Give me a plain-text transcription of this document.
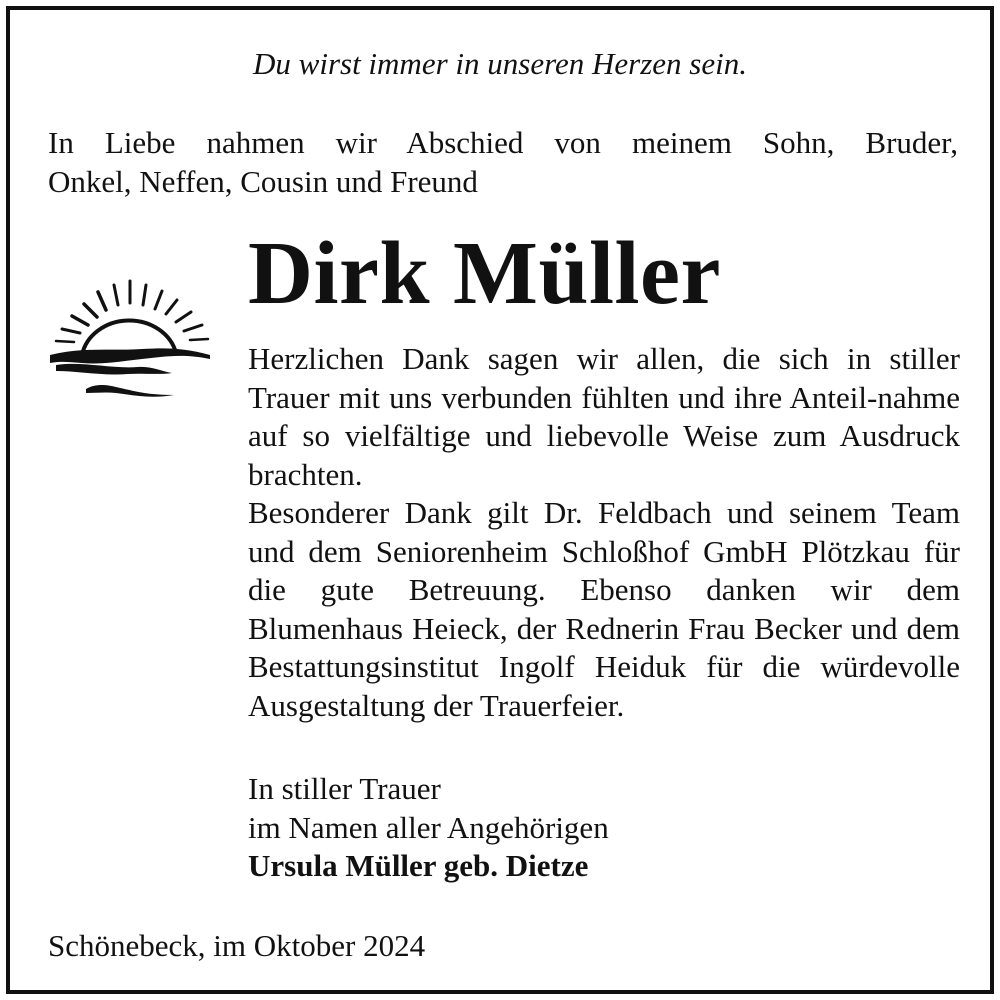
Du wirst immer in unseren Herzen sein.

In Liebe nahmen wir Abschied von meinem Sohn, Bruder,
Onkel, Neffen, Cousin und Freund

Dirk Müller

Herzlichen Dank sagen wir allen, die sich in stiller Trauer mit uns verbunden fühlten und ihre Anteil-nahme auf so vielfältige und liebevolle Weise zum Ausdruck brachten.

Besonderer Dank gilt Dr. Feldbach und seinem Team und dem Seniorenheim Schloßhof GmbH Plötzkau für die gute Betreuung. Ebenso danken wir dem Blumenhaus Heieck, der Rednerin Frau Becker und dem Bestattungsinstitut Ingolf Heiduk für die würdevolle Ausgestaltung der Trauerfeier.

In stiller Trauer
im Namen aller Angehörigen
Ursula Müller geb. Dietze

Schönebeck, im Oktober 2024
